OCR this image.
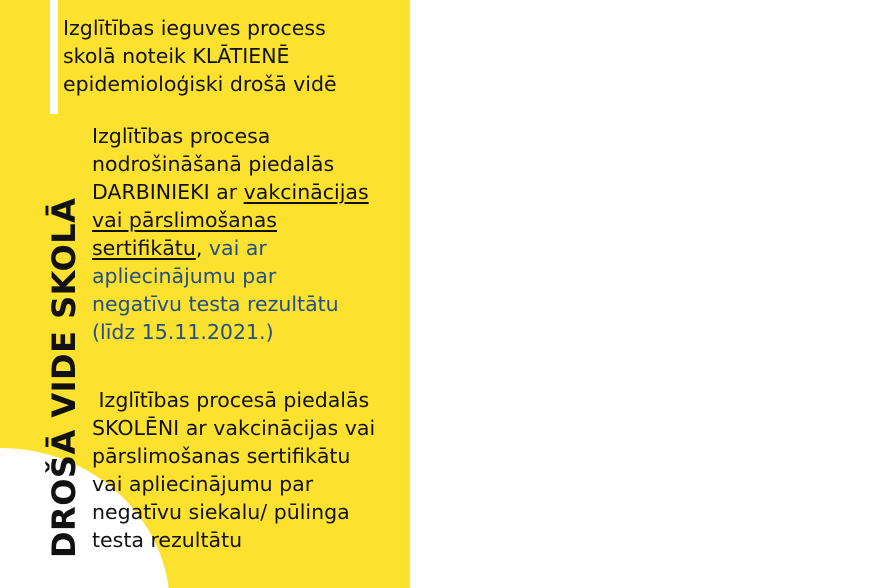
DROŠĀ VIDE SKOLĀ
Izglītības ieguves process
skolā noteik KLĀTIENĒ
epidemioloģiski drošā vidē
Izglītības procesa
nodrošināšanā piedalās
DARBINIEKI ar vakcinācijas
vai pārslimošanas
sertifikātu, vai ar
apliecinājumu par
negatīvu testa rezultātu
(līdz 15.11.2021.)
Izglītības procesā piedalās
SKOLĒNI ar vakcinācijas vai
pārslimošanas sertifikātu
vai apliecinājumu par
negatīvu siekalu/ pūlinga
testa rezultātu
